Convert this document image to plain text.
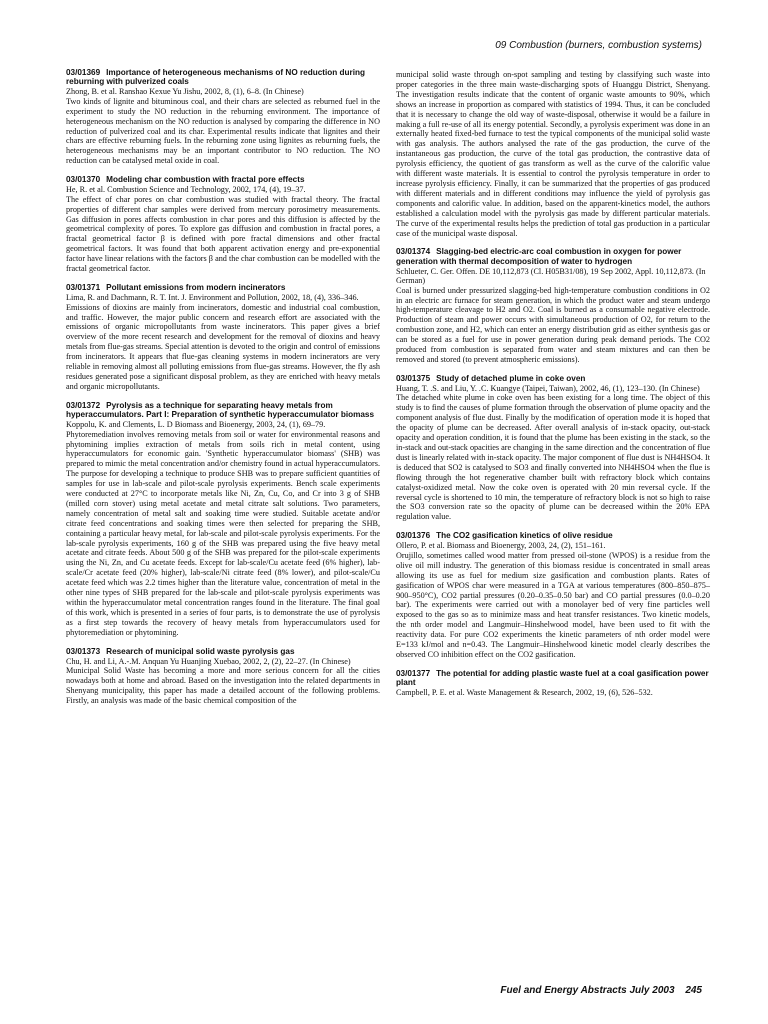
09 Combustion (burners, combustion systems)

03/01369 Importance of heterogeneous mechanisms of NO reduction during reburning with pulverized coals

Zhong, B. et al. Ranshao Kexue Yu Jishu, 2002, 8, (1), 6–8. (In Chinese)

Two kinds of lignite and bituminous coal, and their chars are selected as reburned fuel in the experiment to study the NO reduction in the reburning environment. The importance of heterogeneous mechanism on the NO reduction is analysed by comparing the difference in NO reduction of pulverized coal and its char. Experimental results indicate that lignites and their chars are effective reburning fuels. In the reburning zone using lignites as reburning fuels, the heterogeneous mechanisms may be an important contributor to NO reduction. The NO reduction can be catalysed metal oxide in coal.

03/01370 Modeling char combustion with fractal pore effects

He, R. et al. Combustion Science and Technology, 2002, 174, (4), 19–37.

The effect of char pores on char combustion was studied with fractal theory. The fractal properties of different char samples were derived from mercury porosimetry measurements. Gas diffusion in pores affects combustion in char pores and this diffusion is affected by the geometrical complexity of pores. To explore gas diffusion and combustion in fractal pores, a fractal geometrical factor β is defined with pore fractal dimensions and other fractal geometrical factors. It was found that both apparent activation energy and pre-exponential factor have linear relations with the factors β and the char combustion can be modelled with the fractal geometrical factor.

03/01371 Pollutant emissions from modern incinerators

Lima, R. and Dachmann, R. T. Int. J. Environment and Pollution, 2002, 18, (4), 336–346.

Emissions of dioxins are mainly from incinerators, domestic and industrial coal combustion, and traffic. However, the major public concern and research effort are associated with the emissions of organic micropollutants from waste incinerators. This paper gives a brief overview of the more recent research and development for the removal of dioxins and heavy metals from flue-gas streams. Special attention is devoted to the origin and control of emissions from incinerators. It appears that flue-gas cleaning systems in modern incinerators are very reliable in removing almost all polluting emissions from flue-gas streams. However, the fly ash residues generated pose a significant disposal problem, as they are enriched with heavy metals and organic micropollutants.

03/01372 Pyrolysis as a technique for separating heavy metals from hyperaccumulators. Part I: Preparation of synthetic hyperaccumulator biomass

Koppolu, K. and Clements, L. D Biomass and Bioenergy, 2003, 24, (1), 69–79.

Phytoremediation involves removing metals from soil or water for environmental reasons and phytomining implies extraction of metals from soils rich in metal content, using hyperaccumulators for economic gain. 'Synthetic hyperaccumulator biomass' (SHB) was prepared to mimic the metal concentration and/or chemistry found in actual hyperaccumulators. The purpose for developing a technique to produce SHB was to prepare sufficient quantities of samples for use in lab-scale and pilot-scale pyrolysis experiments. Bench scale experiments were conducted at 27°C to incorporate metals like Ni, Zn, Cu, Co, and Cr into 3 g of SHB (milled corn stover) using metal acetate and metal citrate salt solutions. Two parameters, namely concentration of metal salt and soaking time were studied. Suitable acetate and/or citrate feed concentrations and soaking times were then selected for preparing the SHB, containing a particular heavy metal, for lab-scale and pilot-scale pyrolysis experiments. For the lab-scale pyrolysis experiments, 160 g of the SHB was prepared using the five heavy metal acetate and citrate feeds. About 500 g of the SHB was prepared for the pilot-scale experiments using the Ni, Zn, and Cu acetate feeds. Except for lab-scale/Cu acetate feed (6% higher), lab-scale/Cr acetate feed (20% higher), lab-scale/Ni citrate feed (8% lower), and pilot-scale/Cu acetate feed which was 2.2 times higher than the literature value, concentration of metal in the other nine types of SHB prepared for the lab-scale and pilot-scale pyrolysis experiments was within the hyperaccumulator metal concentration ranges found in the literature. The final goal of this work, which is presented in a series of four parts, is to demonstrate the use of pyrolysis as a first step towards the recovery of heavy metals from hyperaccumulators used for phytoremediation or phytomining.

03/01373 Research of municipal solid waste pyrolysis gas

Chu, H. and Li, A.-.M. Anquan Yu Huanjing Xuebao, 2002, 2, (2), 22–27. (In Chinese)

Municipal Solid Waste has becoming a more and more serious concern for all the cities nowadays both at home and abroad. Based on the investigation into the related departments in Shenyang municipality, this paper has made a detailed account of the following problems. Firstly, an analysis was made of the basic chemical composition of the

municipal solid waste through on-spot sampling and testing by classifying such waste into proper categories in the three main waste-discharging spots of Huanggu District, Shenyang. The investigation results indicate that the content of organic waste amounts to 90%, which shows an increase in proportion as compared with statistics of 1994. Thus, it can be concluded that it is necessary to change the old way of waste-disposal, otherwise it would be a failure in making a full re-use of all its energy potential. Secondly, a pyrolysis experiment was done in an externally heated fixed-bed furnace to test the typical components of the municipal solid waste with gas analysis. The authors analysed the rate of the gas production, the curve of the instantaneous gas production, the curve of the total gas production, the contrastive data of pyrolysis efficiency, the quotient of gas transform as well as the curve of the calorific value with different waste materials. It is essential to control the pyrolysis temperature in order to increase pyrolysis efficiency. Finally, it can be summarized that the properties of gas produced with different materials and in different conditions may influence the yield of pyrolysis gas components and calorific value. In addition, based on the apparent-kinetics model, the authors established a calculation model with the pyrolysis gas made by different particular materials. The curve of the experimental results helps the prediction of total gas production in a particular case of the municipal waste disposal.

03/01374 Slagging-bed electric-arc coal combustion in oxygen for power generation with thermal decomposition of water to hydrogen

Schlueter, C. Ger. Offen. DE 10,112,873 (Cl. H05B31/08), 19 Sep 2002, Appl. 10,112,873. (In German)

Coal is burned under pressurized slagging-bed high-temperature combustion conditions in O2 in an electric arc furnace for steam generation, in which the product water and steam undergo high-temperature cleavage to H2 and O2. Coal is burned as a consumable negative electrode. Production of steam and power occurs with simultaneous production of O2, for return to the combustion zone, and H2, which can enter an energy distribution grid as either synthesis gas or can be stored as a fuel for use in power generation during peak demand periods. The CO2 produced from combustion is separated from water and steam mixtures and can then be removed and stored (to prevent atmospheric emissions).

03/01375 Study of detached plume in coke oven

Huang, T. .S. and Liu, Y. .C. Kuangye (Taipei, Taiwan), 2002, 46, (1), 123–130. (In Chinese)

The detached white plume in coke oven has been existing for a long time. The object of this study is to find the causes of plume formation through the observation of plume opacity and the component analysis of flue dust. Finally by the modification of operation mode it is hoped that the opacity of plume can be decreased. After overall analysis of in-stack opacity, out-stack opacity and operation condition, it is found that the plume has been existing in the stack, so the in-stack and out-stack opacities are changing in the same direction and the concentration of flue dust is linearly related with in-stack opacity. The major component of flue dust is NH4HSO4. It is deduced that SO2 is catalysed to SO3 and finally converted into NH4HSO4 when the flue is flowing through the hot regenerative chamber built with refractory block which contains catalyst-oxidized metal. Now the coke oven is operated with 20 min reversal cycle. If the reversal cycle is shortened to 10 min, the temperature of refractory block is not so high to raise the SO3 conversion rate so the opacity of plume can be decreased within the 20% EPA regulation value.

03/01376 The CO2 gasification kinetics of olive residue

Ollero, P. et al. Biomass and Bioenergy, 2003, 24, (2), 151–161.

Orujillo, sometimes called wood matter from pressed oil-stone (WPOS) is a residue from the olive oil mill industry. The generation of this biomass residue is concentrated in small areas allowing its use as fuel for medium size gasification and combustion plants. Rates of gasification of WPOS char were measured in a TGA at various temperatures (800–850–875–900–950°C), CO2 partial pressures (0.20–0.35–0.50 bar) and CO partial pressures (0.0–0.20 bar). The experiments were carried out with a monolayer bed of very fine particles well exposed to the gas so as to minimize mass and heat transfer resistances. Two kinetic models, the nth order model and Langmuir–Hinshelwood model, have been used to fit with the reactivity data. For pure CO2 experiments the kinetic parameters of nth order model were E=133 kJ/mol and n=0.43. The Langmuir–Hinshelwood kinetic model clearly describes the observed CO inhibition effect on the CO2 gasification.

03/01377 The potential for adding plastic waste fuel at a coal gasification power plant

Campbell, P. E. et al. Waste Management & Research, 2002, 19, (6), 526–532.

Fuel and Energy Abstracts July 2003 245
